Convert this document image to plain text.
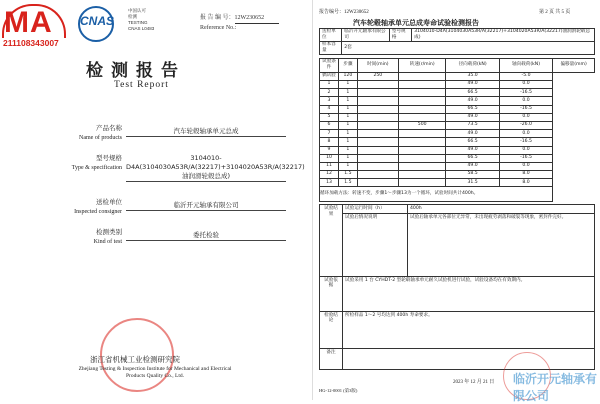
MA
211108343007
CNAS
中国认可
检测
TESTING
CNAS L0483
报 告 编 号：12W230652
Reference No.:
检测报告
Test Report
产品名称
Name of products
汽车轮毂轴承单元总成
型号规格
Type & specification
3104010-D4A(3104030A53R/A(32217)+3104020A53R/A(32217)油润滑轮毂总成)
送检单位
Inspected consigner
临沂开元轴承有限公司
检测类别
Kind of test
委托检验
浙江省机械工业检测研究院
Zhejiang Testing & Inspection Institute for Mechanical and Electrical Products Quality Co., Ltd.
报告编号：12W230652	第 2 页 共 5 页
汽车轮毂轴承单元总成寿命试验检测报告
送检单位	临沂开元轴承有限公司	型号规格	3104010-D4A(3104030A53R/A(32217)+3104020A53R/A(32217)油润滑轮毂总成)
样本容量	2套		
试验条件	步骤	时间(min)	转速(r/min)	径向载荷(kN)	轴向载荷(kN)	偏移量(mm)
偶试验	120	250		35.0	-5.0	
1	1			49.0	0.0	
2	1			66.5	-16.5	
3	1			49.0	0.0	
4	1			66.5	-16.5	
5	1			49.0	0.0	
6	1		500	73.5	-26.0	
7	1			49.0	0.0	
8	1			66.5	-16.5	
9	1			49.0	0.0	
10	1			66.5	-16.5	
11	1			49.0	0.0	
12	1.5			58.5	8.0	
13	1.5			31.5	8.0	
循环加载方法：转速不变，步骤1～步骤13为一个循环，试验时间共计400h。						
试验结果	试验运行时间（h）	400h
	试验后情况说明	试验后轴承单元各部位无异常，未出现疲劳剥落和破裂等现象，密封件完好。
试验依据	试验采用 1 台 CYHDT-2 型轮毂轴承单元耐久试验机进行试验，试验设备均在有效期内。	
检验结论	所检样品 1～2 号均达到 400h 寿命要求。	
备注		
2023 年 12 月 21 日
HG-12-0001 (第3版)
临沂开元轴承有限公司
